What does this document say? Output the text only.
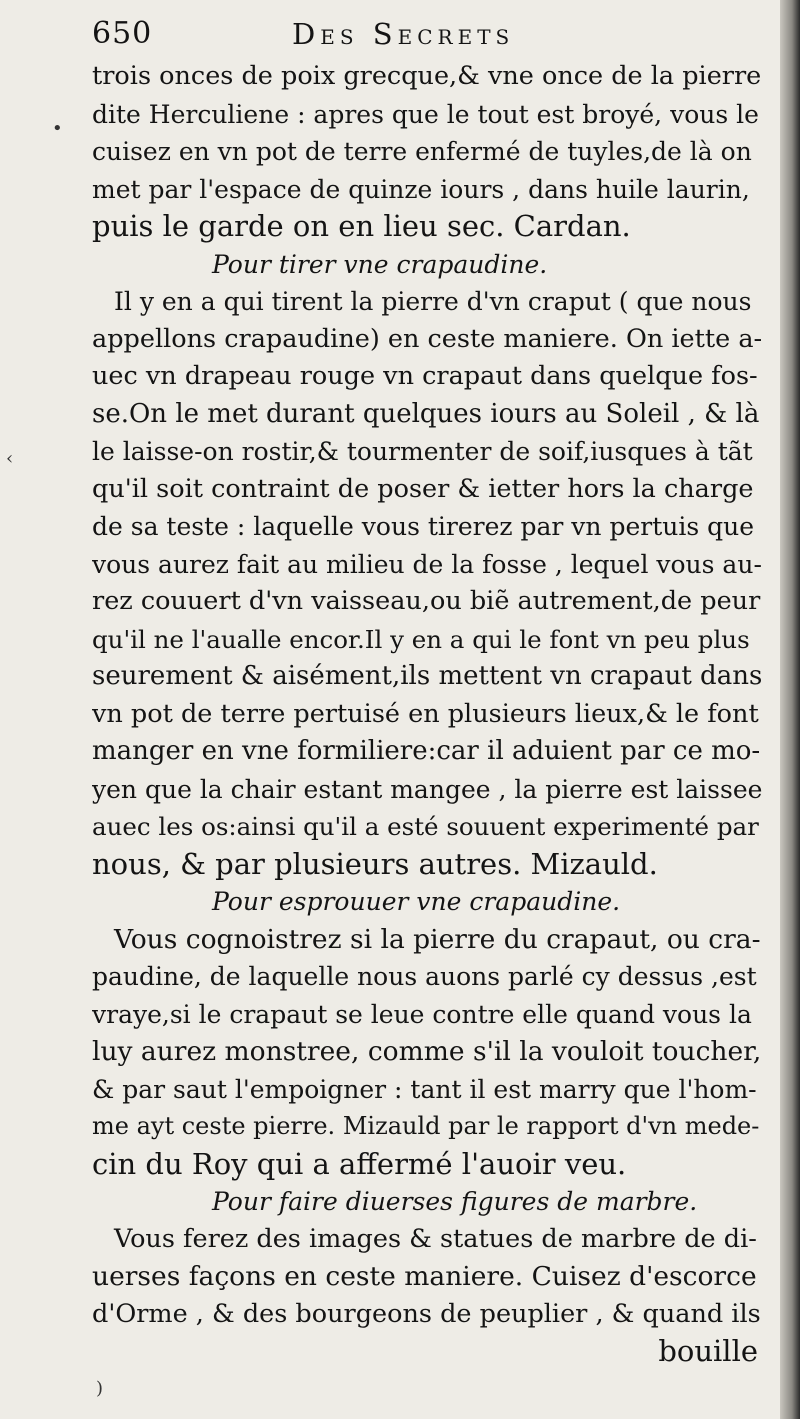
650	Des Secrets
trois onces de poix grecque,& vne once de la pierre
dite Herculiene : apres que le tout est broyé, vous le
cuisez en vn pot de terre enfermé de tuyles,de là on
met par l'espace de quinze iours , dans huile laurin,
puis le garde on en lieu sec. Cardan.
Pour tirer vne crapaudine.
Il y en a qui tirent la pierre d'vn craput ( que nous
appellons crapaudine) en ceste maniere. On iette a-
uec vn drapeau rouge vn crapaut dans quelque fos-
se.On le met durant quelques iours au Soleil , & là
le laisse-on rostir,& tourmenter de soif,iusques à tãt
qu'il soit contraint de poser & ietter hors la charge
de sa teste : laquelle vous tirerez par vn pertuis que
vous aurez fait au milieu de la fosse , lequel vous au-
rez couuert d'vn vaisseau,ou biẽ autrement,de peur
qu'il ne l'aualle encor.Il y en a qui le font vn peu plus
seurement & aisément,ils mettent vn crapaut dans
vn pot de terre pertuisé en plusieurs lieux,& le font
manger en vne formiliere:car il aduient par ce mo-
yen que la chair estant mangee , la pierre est laissee
auec les os:ainsi qu'il a esté souuent experimenté par
nous, & par plusieurs autres. Mizauld.
Pour esprouuer vne crapaudine.
Vous cognoistrez si la pierre du crapaut, ou cra-
paudine, de laquelle nous auons parlé cy dessus ,est
vraye,si le crapaut se leue contre elle quand vous la
luy aurez monstree, comme s'il la vouloit toucher,
& par saut l'empoigner : tant il est marry que l'hom-
me ayt ceste pierre. Mizauld par le rapport d'vn mede-
cin du Roy qui a affermé l'auoir veu.
Pour faire diuerses figures de marbre.
Vous ferez des images & statues de marbre de di-
uerses façons en ceste maniere. Cuisez d'escorce
d'Orme , & des bourgeons de peuplier , & quand ils
bouille
•
‹
)
